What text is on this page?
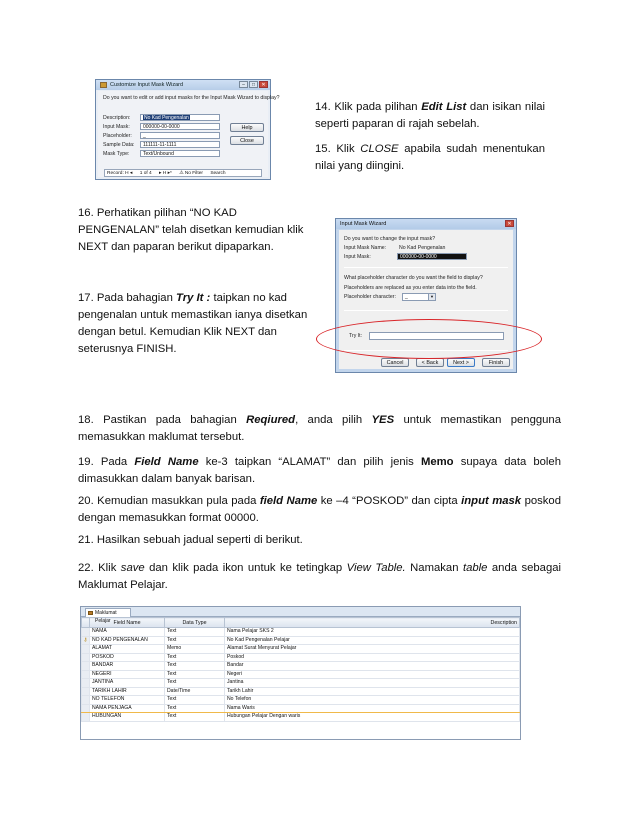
Customize Input Mask Wizard	–	□	✕
Do you want to edit or add input masks for the Input Mask Wizard to display?
Description:	No Kad Pengenalan
Input Mask:	000000-00-0000
Placeholder:	_
Sample Data:	111111-11-1111
Mask Type:	Text/Unbound
Help
Close
Record: H ◂ 1 of 4 ▸ H ▸* ⚠ No Filter Search
14. Klik pada pilihan Edit List dan isikan nilai seperti paparan di rajah sebelah.
15. Klik CLOSE apabila sudah menentukan nilai yang diingini.
16. Perhatikan pilihan “NO KAD PENGENALAN” telah disetkan kemudian klik NEXT dan paparan berikut dipaparkan.
Input Mask Wizard	✕
Do you want to change the input mask?
Input Mask Name: No Kad Pengenalan
Input Mask:	000000-00-0000
What placeholder character do you want the field to display?
Placeholders are replaced as you enter data into the field.
Placeholder character:	_	▼
Try It:
Cancel	< Back	Next >	Finish
17. Pada bahagian Try It : taipkan no kad pengenalan untuk memastikan ianya disetkan dengan betul. Kemudian Klik NEXT dan seterusnya FINISH.
18. Pastikan pada bahagian Reqiured, anda pilih YES untuk memastikan pengguna memasukkan maklumat tersebut.
19. Pada Field Name ke-3 taipkan “ALAMAT” dan pilih jenis Memo supaya data boleh dimasukkan dalam banyak barisan.
20. Kemudian masukkan pula pada field Name ke –4 “POSKOD” dan cipta input mask poskod dengan memasukkan format 00000.
21. Hasilkan sebuah jadual seperti di berikut.
22. Klik save dan klik pada ikon untuk ke tetingkap View Table. Namakan table anda sebagai Maklumat Pelajar.
Maklumat Pelajar
	Field Name	Data Type	Description
	NAMA	Text	Nama Pelajar SKS 2
⚷	NO KAD PENGENALAN	Text	No Kad Pengenalan Pelajar
	ALAMAT	Memo	Alamat Surat Menyurat Pelajar
	POSKOD	Text	Poskod
	BANDAR	Text	Bandar
	NEGERI	Text	Negeri
	JANTINA	Text	Jantina
	TARIKH LAHIR	Date/Time	Tarikh Lahir
	NO TELEFON	Text	No Telefon
	NAMA PENJAGA	Text	Nama Waris
	HUBUNGAN	Text	Hubungan Pelajar Dengan waris
